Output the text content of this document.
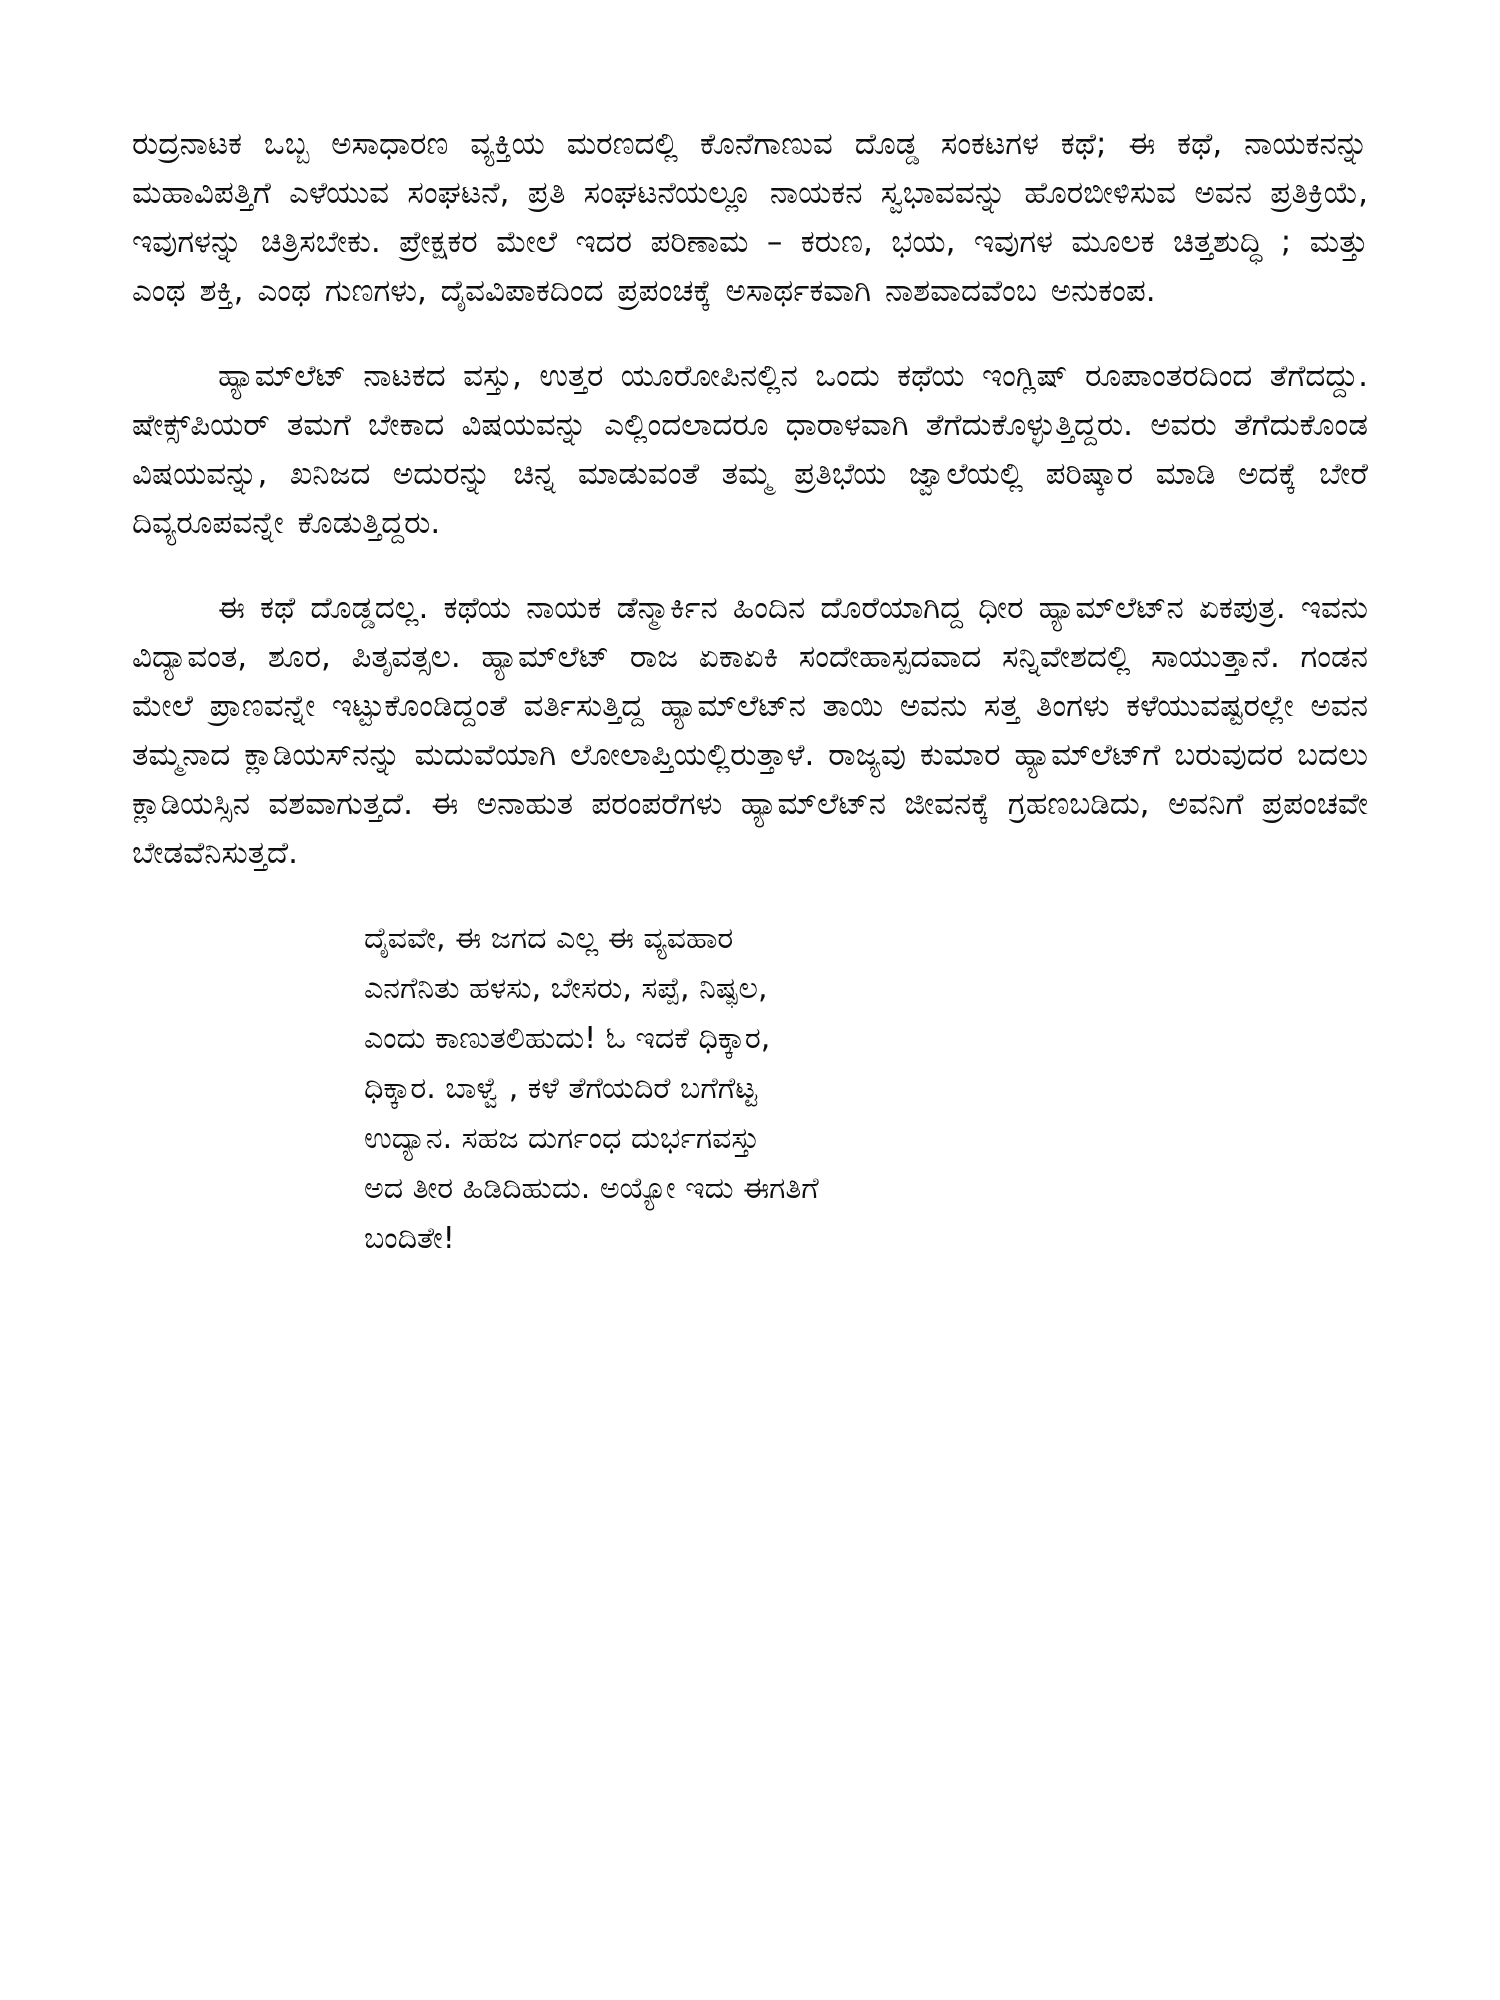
ರುದ್ರನಾಟಕ ಒಬ್ಬ ಅಸಾಧಾರಣ ವ್ಯಕ್ತಿಯ ಮರಣದಲ್ಲಿ ಕೊನೆಗಾಣುವ ದೊಡ್ಡ ಸಂಕಟಗಳ ಕಥೆ; ಈ ಕಥೆ, ನಾಯಕನನ್ನು ಮಹಾವಿಪತ್ತಿಗೆ ಎಳೆಯುವ ಸಂಘಟನೆ, ಪ್ರತಿ ಸಂಘಟನೆಯಲ್ಲೂ ನಾಯಕನ ಸ್ವಭಾವವನ್ನು ಹೊರಬೀಳಿಸುವ ಅವನ ಪ್ರತಿಕ್ರಿಯೆ, ಇವುಗಳನ್ನು ಚಿತ್ರಿಸಬೇಕು. ಪ್ರೇಕ್ಷಕರ ಮೇಲೆ ಇದರ ಪರಿಣಾಮ – ಕರುಣ, ಭಯ, ಇವುಗಳ ಮೂಲಕ ಚಿತ್ತಶುದ್ಧಿ ; ಮತ್ತು ಎಂಥ ಶಕ್ತಿ, ಎಂಥ ಗುಣಗಳು, ದೈವವಿಪಾಕದಿಂದ ಪ್ರಪಂಚಕ್ಕೆ ಅಸಾರ್ಥಕವಾಗಿ ನಾಶವಾದವೆಂಬ ಅನುಕಂಪ.

ಹ್ಯಾಮ್‌ಲೆಟ್ ನಾಟಕದ ವಸ್ತು, ಉತ್ತರ ಯೂರೋಪಿನಲ್ಲಿನ ಒಂದು ಕಥೆಯ ಇಂಗ್ಲಿಷ್ ರೂಪಾಂತರದಿಂದ ತೆಗೆದದ್ದು. ಷೇಕ್ಸ್‌ಪಿಯರ್ ತಮಗೆ ಬೇಕಾದ ವಿಷಯವನ್ನು ಎಲ್ಲಿಂದಲಾದರೂ ಧಾರಾಳವಾಗಿ ತೆಗೆದುಕೊಳ್ಳುತ್ತಿದ್ದರು. ಅವರು ತೆಗೆದುಕೊಂಡ ವಿಷಯವನ್ನು, ಖನಿಜದ ಅದುರನ್ನು ಚಿನ್ನ ಮಾಡುವಂತೆ ತಮ್ಮ ಪ್ರತಿಭೆಯ ಜ್ವಾಲೆಯಲ್ಲಿ ಪರಿಷ್ಕಾರ ಮಾಡಿ ಅದಕ್ಕೆ ಬೇರೆ ದಿವ್ಯರೂಪವನ್ನೇ ಕೊಡುತ್ತಿದ್ದರು.

ಈ ಕಥೆ ದೊಡ್ಡದಲ್ಲ. ಕಥೆಯ ನಾಯಕ ಡೆನ್ಮಾರ್ಕಿನ ಹಿಂದಿನ ದೊರೆಯಾಗಿದ್ದ ಧೀರ ಹ್ಯಾಮ್‌ಲೆಟ್‌ನ ಏಕಪುತ್ರ. ಇವನು ವಿದ್ಯಾವಂತ, ಶೂರ, ಪಿತೃವತ್ಸಲ. ಹ್ಯಾಮ್‌ಲೆಟ್ ರಾಜ ಏಕಾಏಕಿ ಸಂದೇಹಾಸ್ಪದವಾದ ಸನ್ನಿವೇಶದಲ್ಲಿ ಸಾಯುತ್ತಾನೆ. ಗಂಡನ ಮೇಲೆ ಪ್ರಾಣವನ್ನೇ ಇಟ್ಟುಕೊಂಡಿದ್ದಂತೆ ವರ್ತಿಸುತ್ತಿದ್ದ ಹ್ಯಾಮ್‌ಲೆಟ್‌ನ ತಾಯಿ ಅವನು ಸತ್ತ ತಿಂಗಳು ಕಳೆಯುವಷ್ಟರಲ್ಲೇ ಅವನ ತಮ್ಮನಾದ ಕ್ಲಾಡಿಯಸ್‌ನನ್ನು ಮದುವೆಯಾಗಿ ಲೋಲಾಪ್ತಿಯಲ್ಲಿರುತ್ತಾಳೆ. ರಾಜ್ಯವು ಕುಮಾರ ಹ್ಯಾಮ್‌ಲೆಟ್‌ಗೆ ಬರುವುದರ ಬದಲು ಕ್ಲಾಡಿಯಸ್ಸಿನ ವಶವಾಗುತ್ತದೆ. ಈ ಅನಾಹುತ ಪರಂಪರೆಗಳು ಹ್ಯಾಮ್‌ಲೆಟ್‌ನ ಜೀವನಕ್ಕೆ ಗ್ರಹಣಬಡಿದು, ಅವನಿಗೆ ಪ್ರಪಂಚವೇ ಬೇಡವೆನಿಸುತ್ತದೆ.

ದೈವವೇ, ಈ ಜಗದ ಎಲ್ಲ ಈ ವ್ಯವಹಾರ
ಎನಗೆನಿತು ಹಳಸು, ಬೇಸರು, ಸಪ್ಪೆ, ನಿಷ್ಫಲ,
ಎಂದು ಕಾಣುತಲಿಹುದು! ಓ ಇದಕೆ ಧಿಕ್ಕಾರ,
ಧಿಕ್ಕಾರ. ಬಾಳ್ವೆ , ಕಳೆ ತೆಗೆಯದಿರೆ ಬಗೆಗೆಟ್ಟ
ಉದ್ಯಾನ. ಸಹಜ ದುರ್ಗಂಧ ದುರ್ಭಗವಸ್ತು
ಅದ ತೀರ ಹಿಡಿದಿಹುದು. ಅಯ್ಯೋ ಇದು ಈಗತಿಗೆ
ಬಂದಿತೇ!
